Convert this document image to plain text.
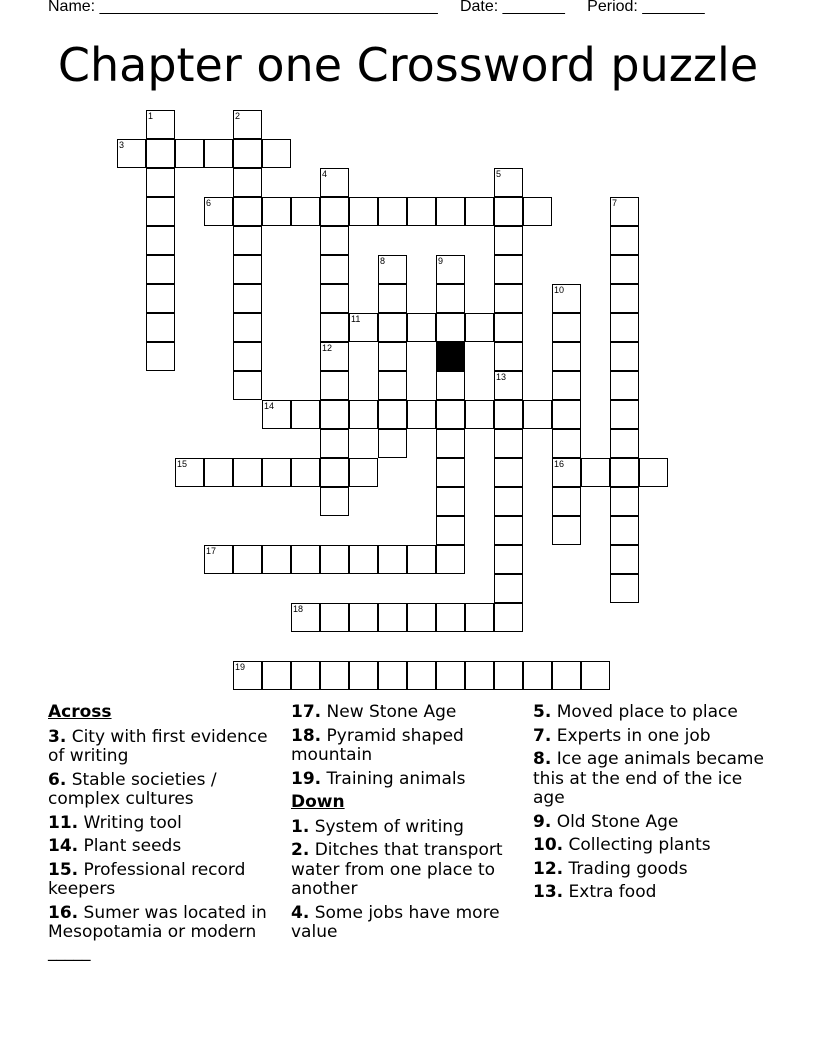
Name: ______________________________________ Date: _______ Period: _______
Chapter one Crossword puzzle
1	2
3
4	5
6	7
8	9
10
11
12
13
14
15	16
17
18
19

Across

3. City with first evidence of writing

6. Stable societies / complex cultures

11. Writing tool

14. Plant seeds

15. Professional record keepers

16. Sumer was located in Mesopotamia or modern _____

17. New Stone Age

18. Pyramid shaped mountain

19. Training animals

Down

1. System of writing

2. Ditches that transport water from one place to another

4. Some jobs have more value

5. Moved place to place

7. Experts in one job

8. Ice age animals became this at the end of the ice age

9. Old Stone Age

10. Collecting plants

12. Trading goods

13. Extra food
